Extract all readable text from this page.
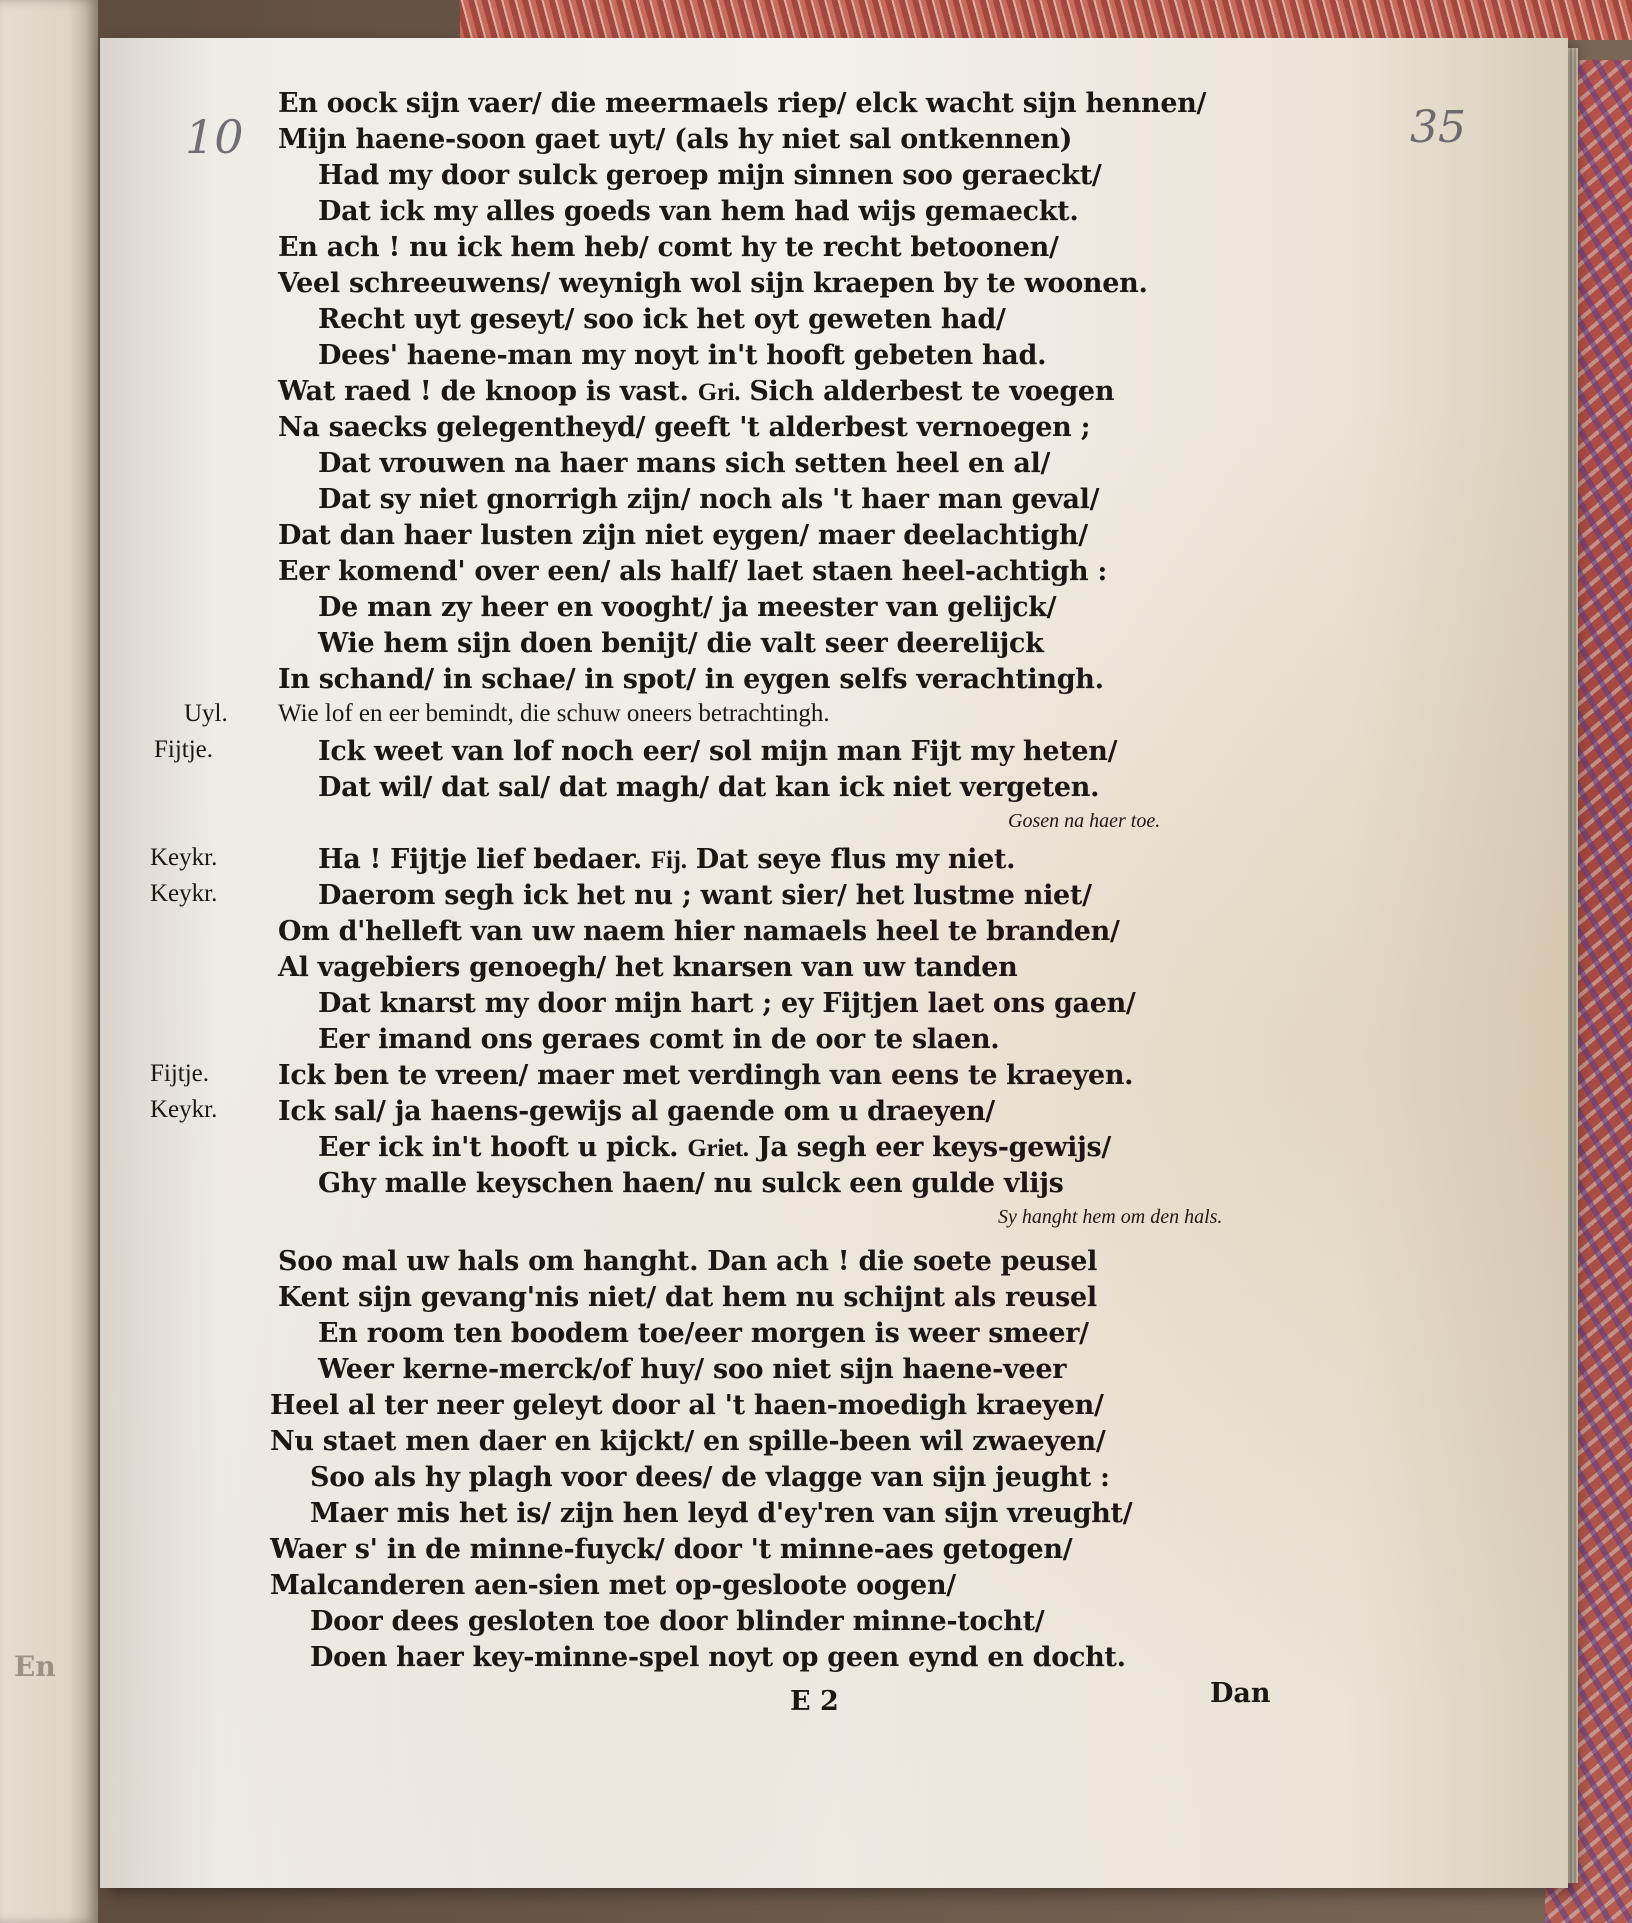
En
10	35
En oock sijn vaer/ die meermaels riep/ elck wacht sijn hennen/
Mijn haene-soon gaet uyt/ (als hy niet sal ontkennen)
Had my door sulck geroep mijn sinnen soo geraeckt/
Dat ick my alles goeds van hem had wijs gemaeckt.
En ach ! nu ick hem heb/ comt hy te recht betoonen/
Veel schreeuwens/ weynigh wol sijn kraepen by te woonen.
Recht uyt geseyt/ soo ick het oyt geweten had/
Dees' haene-man my noyt in't hooft gebeten had.
Wat raed ! de knoop is vast. Gri. Sich alderbest te voegen
Na saecks gelegentheyd/ geeft 't alderbest vernoegen ;
Dat vrouwen na haer mans sich setten heel en al/
Dat sy niet gnorrigh zijn/ noch als 't haer man geval/
Dat dan haer lusten zijn niet eygen/ maer deelachtigh/
Eer komend' over een/ als half/ laet staen heel-achtigh :
De man zy heer en vooght/ ja meester van gelijck/
Wie hem sijn doen benijt/ die valt seer deerelijck
In schand/ in schae/ in spot/ in eygen selfs verachtingh.
Uyl. Wie lof en eer bemindt, die schuw oneers betrachtingh.
Fijtje.	Ick weet van lof noch eer/ sol mijn man Fijt my heten/
Dat wil/ dat sal/ dat magh/ dat kan ick niet vergeten.
Gosen na haer toe.
Keykr.	Ha ! Fijtje lief bedaer. Fij. Dat seye flus my niet.
Keykr.	Daerom segh ick het nu ; want sier/ het lustme niet/
Om d'helleft van uw naem hier namaels heel te branden/
Al vagebiers genoegh/ het knarsen van uw tanden
Dat knarst my door mijn hart ; ey Fijtjen laet ons gaen/
Eer imand ons geraes comt in de oor te slaen.
Fijtje.	Ick ben te vreen/ maer met verdingh van eens te kraeyen.
Keykr. Ick sal/ ja haens-gewijs al gaende om u draeyen/
Eer ick in't hooft u pick. Griet. Ja segh eer keys-gewijs/
Ghy malle keyschen haen/ nu sulck een gulde vlijs
Sy hanght hem om den hals.
Soo mal uw hals om hanght. Dan ach ! die soete peusel
Kent sijn gevang'nis niet/ dat hem nu schijnt als reusel
En room ten boodem toe/eer morgen is weer smeer/
Weer kerne-merck/of huy/ soo niet sijn haene-veer
Heel al ter neer geleyt door al 't haen-moedigh kraeyen/
Nu staet men daer en kijckt/ en spille-been wil zwaeyen/
Soo als hy plagh voor dees/ de vlagge van sijn jeught :
Maer mis het is/ zijn hen leyd d'ey'ren van sijn vreught/
Waer s' in de minne-fuyck/ door 't minne-aes getogen/
Malcanderen aen-sien met op-gesloote oogen/
Door dees gesloten toe door blinder minne-tocht/
Doen haer key-minne-spel noyt op geen eynd en docht.
E 2	Dan
